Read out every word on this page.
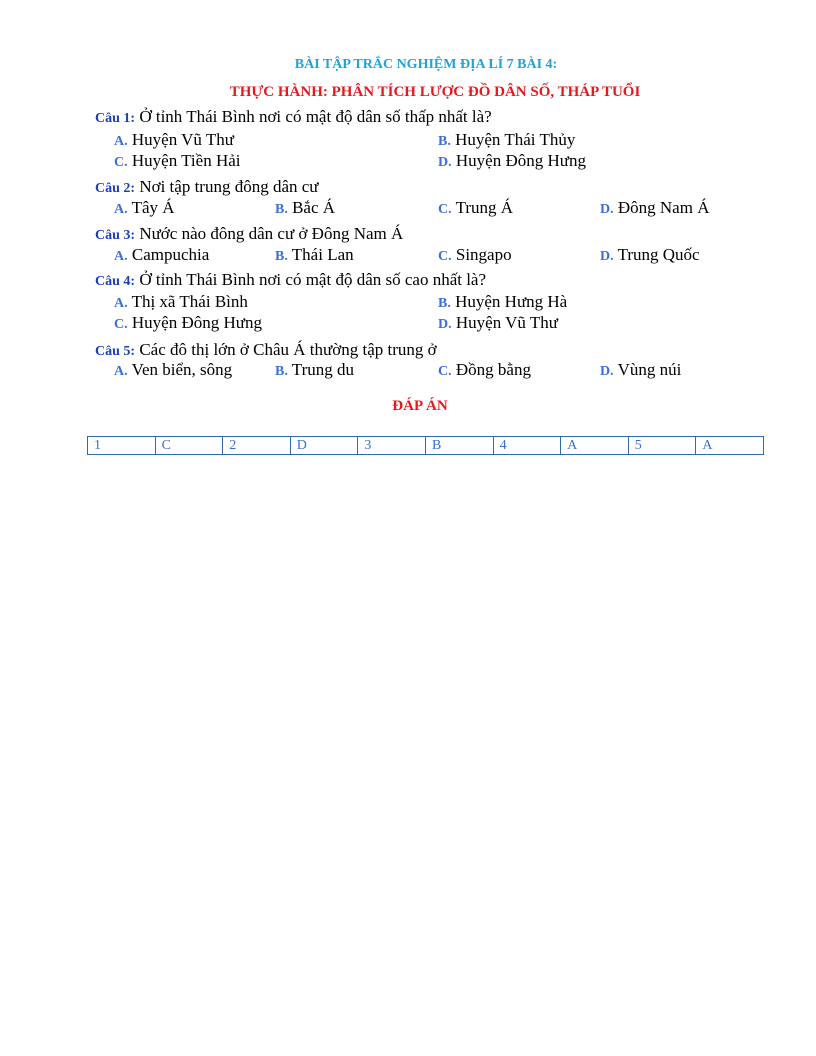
BÀI TẬP TRẮC NGHIỆM ĐỊA LÍ 7 BÀI 4:
THỰC HÀNH: PHÂN TÍCH LƯỢC ĐỒ DÂN SỐ, THÁP TUỔI
Câu 1: Ở tỉnh Thái Bình nơi có mật độ dân số thấp nhất là?
A. Huyện Vũ Thư	B. Huyện Thái Thủy
C. Huyện Tiền Hải	D. Huyện Đông Hưng
Câu 2: Nơi tập trung đông dân cư
A. Tây Á	B. Bắc Á	C. Trung Á	D. Đông Nam Á
Câu 3: Nước nào đông dân cư ở Đông Nam Á
A. Campuchia	B. Thái Lan	C. Singapo	D. Trung Quốc
Câu 4: Ở tỉnh Thái Bình nơi có mật độ dân số cao nhất là?
A. Thị xã Thái Bình	B. Huyện Hưng Hà
C. Huyện Đông Hưng	D. Huyện Vũ Thư
Câu 5: Các đô thị lớn ở Châu Á thường tập trung ở
A. Ven biển, sông	B. Trung du	C. Đồng bằng	D. Vùng núi
ĐÁP ÁN
1	C	2	D	3	B	4	A	5	A
